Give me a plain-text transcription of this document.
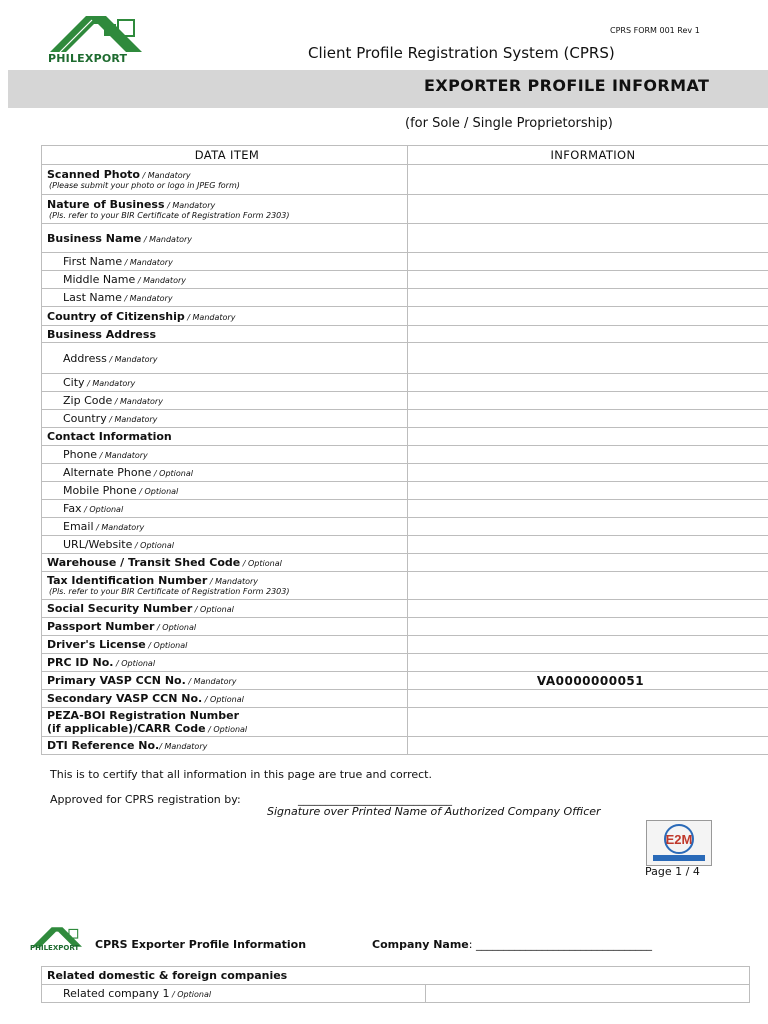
CPRS FORM 001 Rev 1
PHILEXPORT	Client Profile Registration System (CPRS)
EXPORTER PROFILE INFORMAT
(for Sole / Single Proprietorship)
DATA ITEM	INFORMATION
Scanned Photo / Mandatory
(Please submit your photo or logo in JPEG form)	

Nature of Business / Mandatory
(Pls. refer to your BIR Certificate of Registration Form 2303)	

Business Name / Mandatory	
First Name / Mandatory	
Middle Name / Mandatory	
Last Name / Mandatory	
Country of Citizenship / Mandatory	
Business Address	
Address / Mandatory	
City / Mandatory	
Zip Code / Mandatory	
Country / Mandatory	
Contact Information	
Phone / Mandatory	
Alternate Phone / Optional	
Mobile Phone / Optional	
Fax / Optional	
Email / Mandatory	
URL/Website / Optional	
Warehouse / Transit Shed Code / Optional	
Tax Identification Number / Mandatory
(Pls. refer to your BIR Certificate of Registration Form 2303)	

Social Security Number / Optional	
Passport Number / Optional	
Driver's License / Optional	
PRC ID No. / Optional	
Primary VASP CCN No. / Mandatory	VA0000000051
Secondary VASP CCN No. / Optional	
PEZA-BOI Registration Number
(if applicable)/CARR Code / Optional	
DTI Reference No./ Mandatory	
This is to certify that all information in this page are true and correct.
Approved for CPRS registration by:	____________________________
Signature over Printed Name of Authorized Company Officer
E2M
Page 1 / 4
PHILEXPORT CPRS Exporter Profile Information	Company Name: ________________________________
Related domestic & foreign companies
Related company 1 / Optional	
